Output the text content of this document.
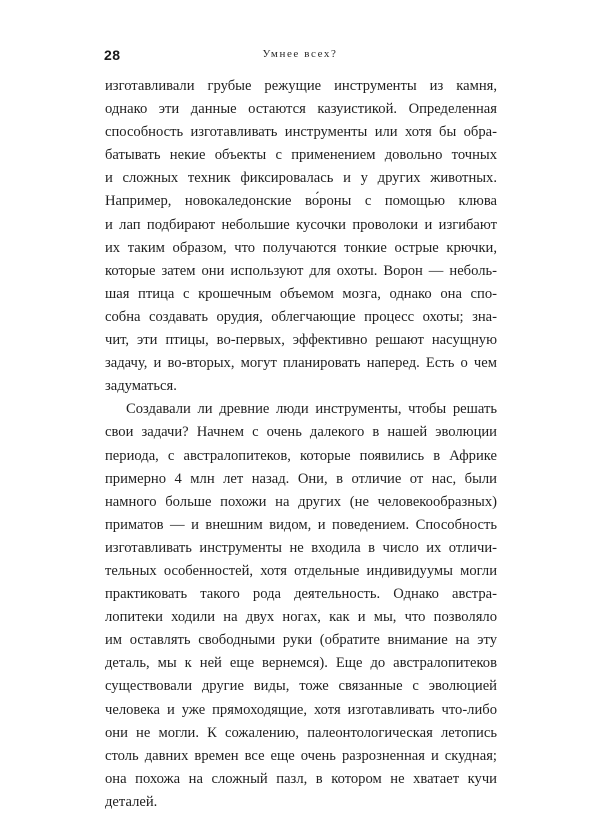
28	Умнее всех?
изготавливали грубые режущие инструменты из камня,
однако эти данные остаются казуистикой. Определенная
способность изготавливать инструменты или хотя бы обра-
батывать некие объекты с применением довольно точных
и сложных техник фиксировалась и у других животных.
Например, новокаледонские во́роны с помощью клюва
и лап подбирают небольшие кусочки проволоки и изгибают
их таким образом, что получаются тонкие острые крючки,
которые затем они используют для охоты. Ворон — неболь-
шая птица с крошечным объемом мозга, однако она спо-
собна создавать орудия, облегчающие процесс охоты; зна-
чит, эти птицы, во-первых, эффективно решают насущную
задачу, и во-вторых, могут планировать наперед. Есть о чем
задуматься.
Создавали ли древние люди инструменты, чтобы решать
свои задачи? Начнем с очень далекого в нашей эволюции
периода, с австралопитеков, которые появились в Африке
примерно 4 млн лет назад. Они, в отличие от нас, были
намного больше похожи на других (не человекообразных)
приматов — и внешним видом, и поведением. Способность
изготавливать инструменты не входила в число их отличи-
тельных особенностей, хотя отдельные индивидуумы могли
практиковать такого рода деятельность. Однако австра-
лопитеки ходили на двух ногах, как и мы, что позволяло
им оставлять свободными руки (обратите внимание на эту
деталь, мы к ней еще вернемся). Еще до австралопитеков
существовали другие виды, тоже связанные с эволюцией
человека и уже прямоходящие, хотя изготавливать что-либо
они не могли. К сожалению, палеонтологическая летопись
столь давних времен все еще очень разрозненная и скудная;
она похожа на сложный пазл, в котором не хватает кучи
деталей.
